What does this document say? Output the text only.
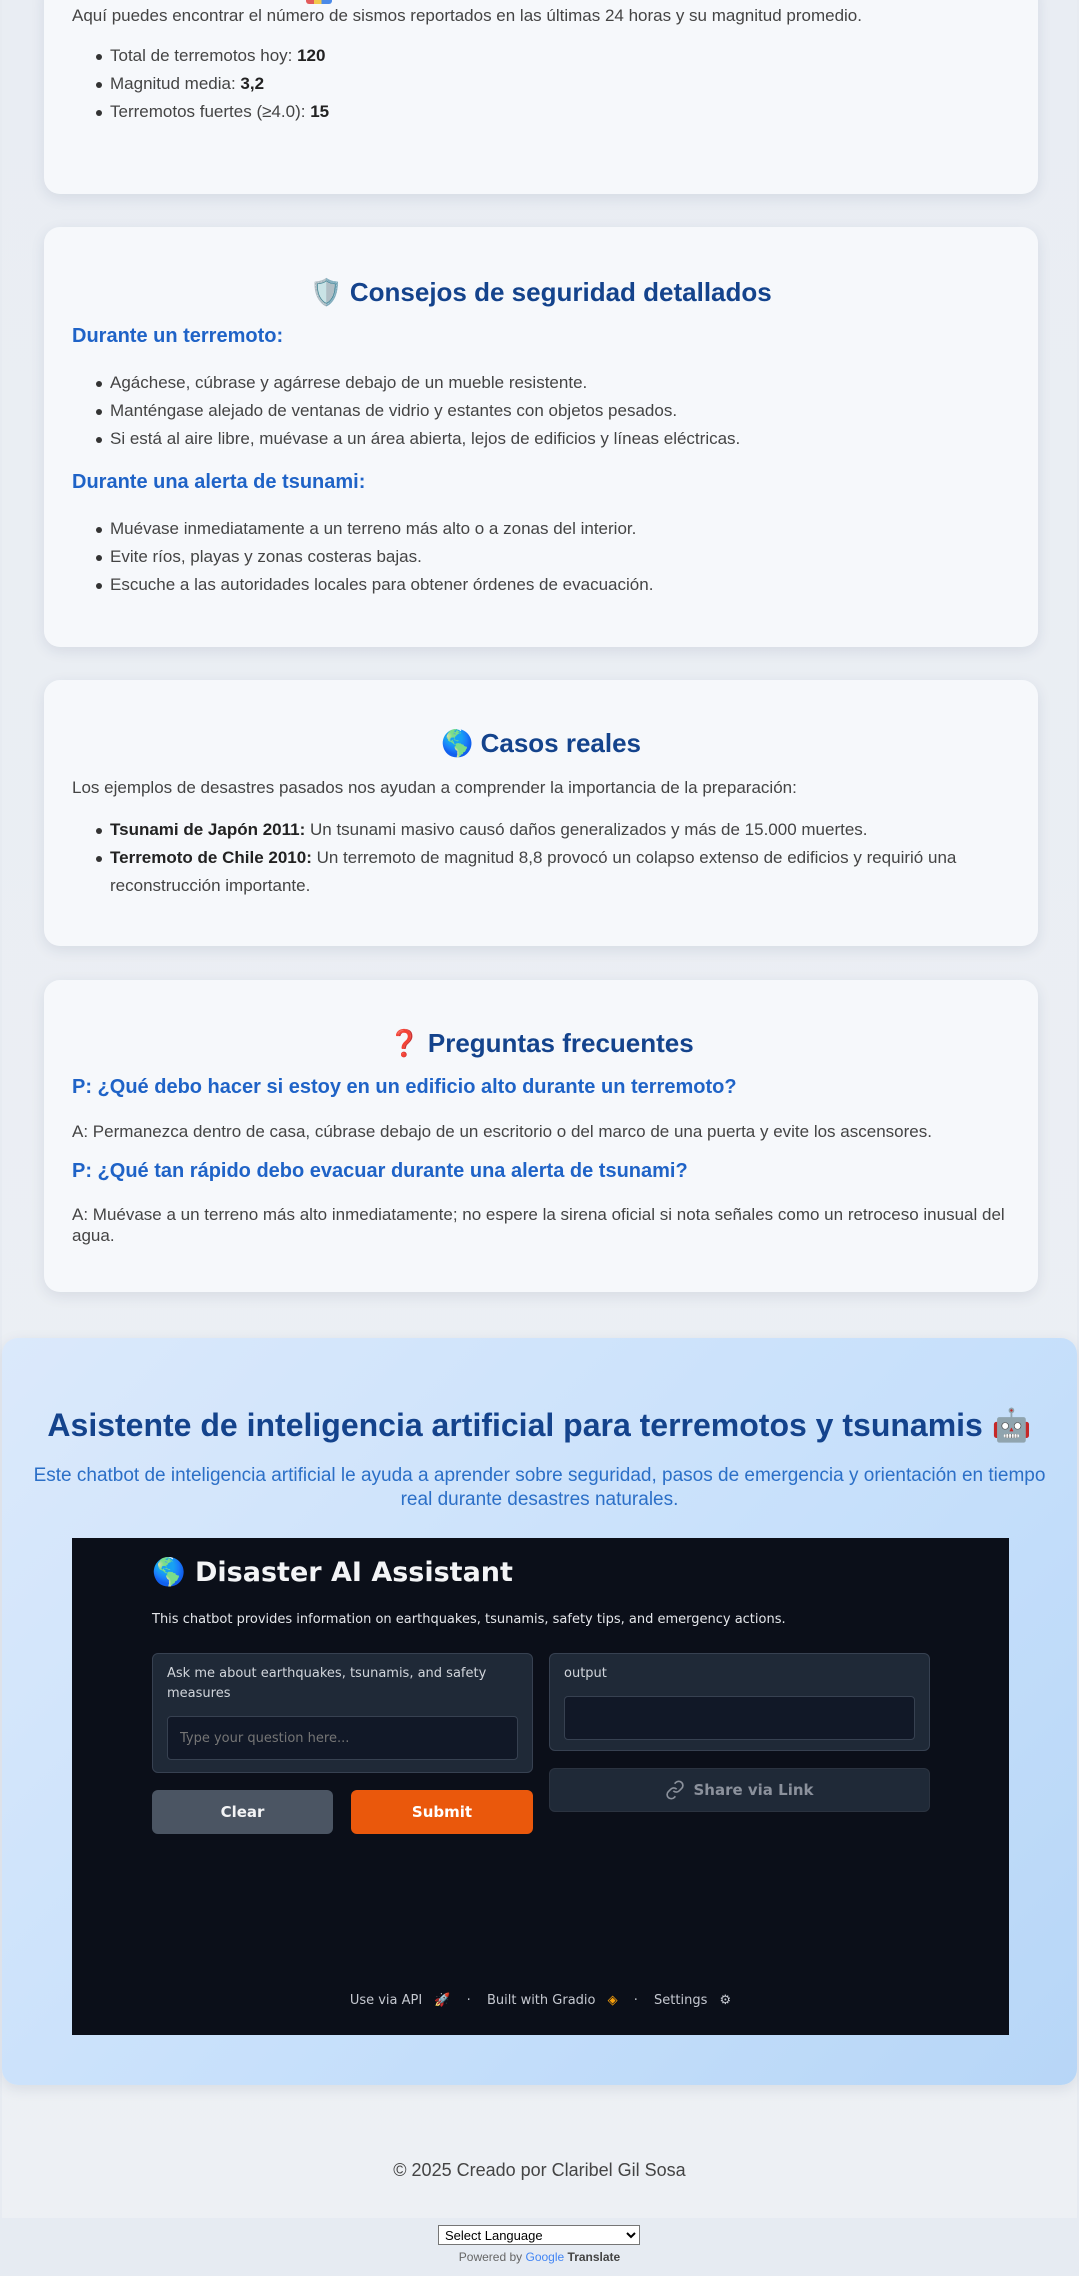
Aquí puedes encontrar el número de sismos reportados en las últimas 24 horas y su magnitud promedio.

Total de terremotos hoy: 120
Magnitud media: 3,2
Terremotos fuertes (≥4.0): 15
🛡️ Consejos de seguridad detallados
Durante un terremoto:
Agáchese, cúbrase y agárrese debajo de un mueble resistente.
Manténgase alejado de ventanas de vidrio y estantes con objetos pesados.
Si está al aire libre, muévase a un área abierta, lejos de edificios y líneas eléctricas.
Durante una alerta de tsunami:
Muévase inmediatamente a un terreno más alto o a zonas del interior.
Evite ríos, playas y zonas costeras bajas.
Escuche a las autoridades locales para obtener órdenes de evacuación.
🌎 Casos reales

Los ejemplos de desastres pasados nos ayudan a comprender la importancia de la preparación:

Tsunami de Japón 2011: Un tsunami masivo causó daños generalizados y más de 15.000 muertes.
Terremoto de Chile 2010: Un terremoto de magnitud 8,8 provocó un colapso extenso de edificios y requirió una reconstrucción importante.
❓ Preguntas frecuentes
P: ¿Qué debo hacer si estoy en un edificio alto durante un terremoto?

A: Permanezca dentro de casa, cúbrase debajo de un escritorio o del marco de una puerta y evite los ascensores.

P: ¿Qué tan rápido debo evacuar durante una alerta de tsunami?

A: Muévase a un terreno más alto inmediatamente; no espere la sirena oficial si nota señales como un retroceso inusual del agua.

Asistente de inteligencia artificial para terremotos y tsunamis 🤖
Este chatbot de inteligencia artificial le ayuda a aprender sobre seguridad, pasos de emergencia y orientación en tiempo real durante desastres naturales.
🌎 Disaster AI Assistant
This chatbot provides information on earthquakes, tsunamis, safety tips, and emergency actions.
Ask me about earthquakes, tsunamis, and safety measures
Type your question here...
output
Clear	Submit
Share via Link
Use via API 🚀 · Built with Gradio ◈ · Settings ⚙
© 2025 Creado por Claribel Gil Sosa
Select Language
Powered by Google Translate
